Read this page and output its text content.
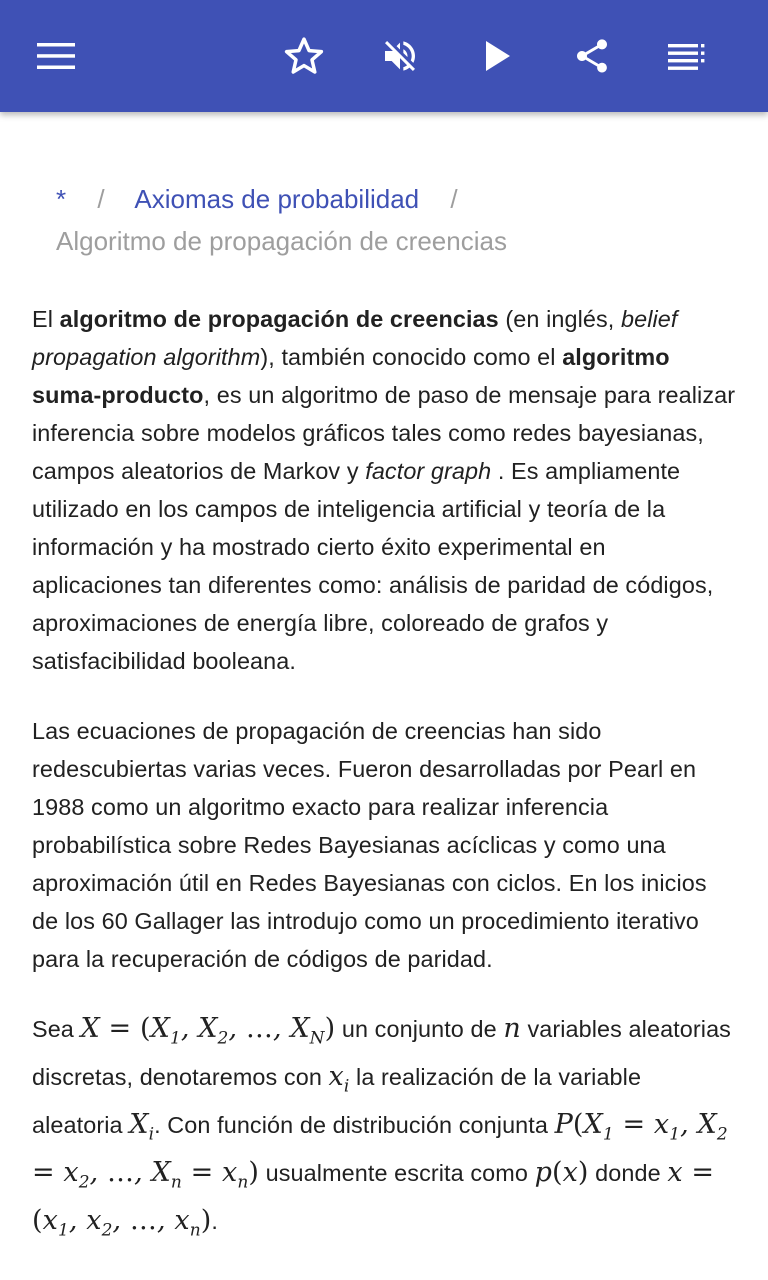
* / Axiomas de probabilidad /
Algoritmo de propagación de creencias

El algoritmo de propagación de creencias (en inglés, belief propagation algorithm), también conocido como el algoritmo suma-producto, es un algoritmo de paso de mensaje para realizar inferencia sobre modelos gráficos tales como redes bayesianas, campos aleatorios de Markov y factor graph . Es ampliamente utilizado en los campos de inteligencia artificial y teoría de la información y ha mostrado cierto éxito experimental en aplicaciones tan diferentes como: análisis de paridad de códigos, aproximaciones de energía libre, coloreado de grafos y satisfacibilidad booleana.

Las ecuaciones de propagación de creencias han sido redescubiertas varias veces. Fueron desarrolladas por Pearl en 1988 como un algoritmo exacto para realizar inferencia probabilística sobre Redes Bayesianas acíclicas y como una aproximación útil en Redes Bayesianas con ciclos. En los inicios de los 60 Gallager las introdujo como un procedimiento iterativo para la recuperación de códigos de paridad.

Sea $X = (X_1$, $X_2$, …, $X_N$) un conjunto de n variables aleatorias discretas, denotaremos con $x_i$ la realización de la variable aleatoria $X_i$. Con función de distribución conjunta $P(X_1 = x_1$, $X_2 = x_2$, …, $X_n = x_n$) usualmente escrita como p(x) donde $x = (x_1$, $x_2$, …, $x_n$).
